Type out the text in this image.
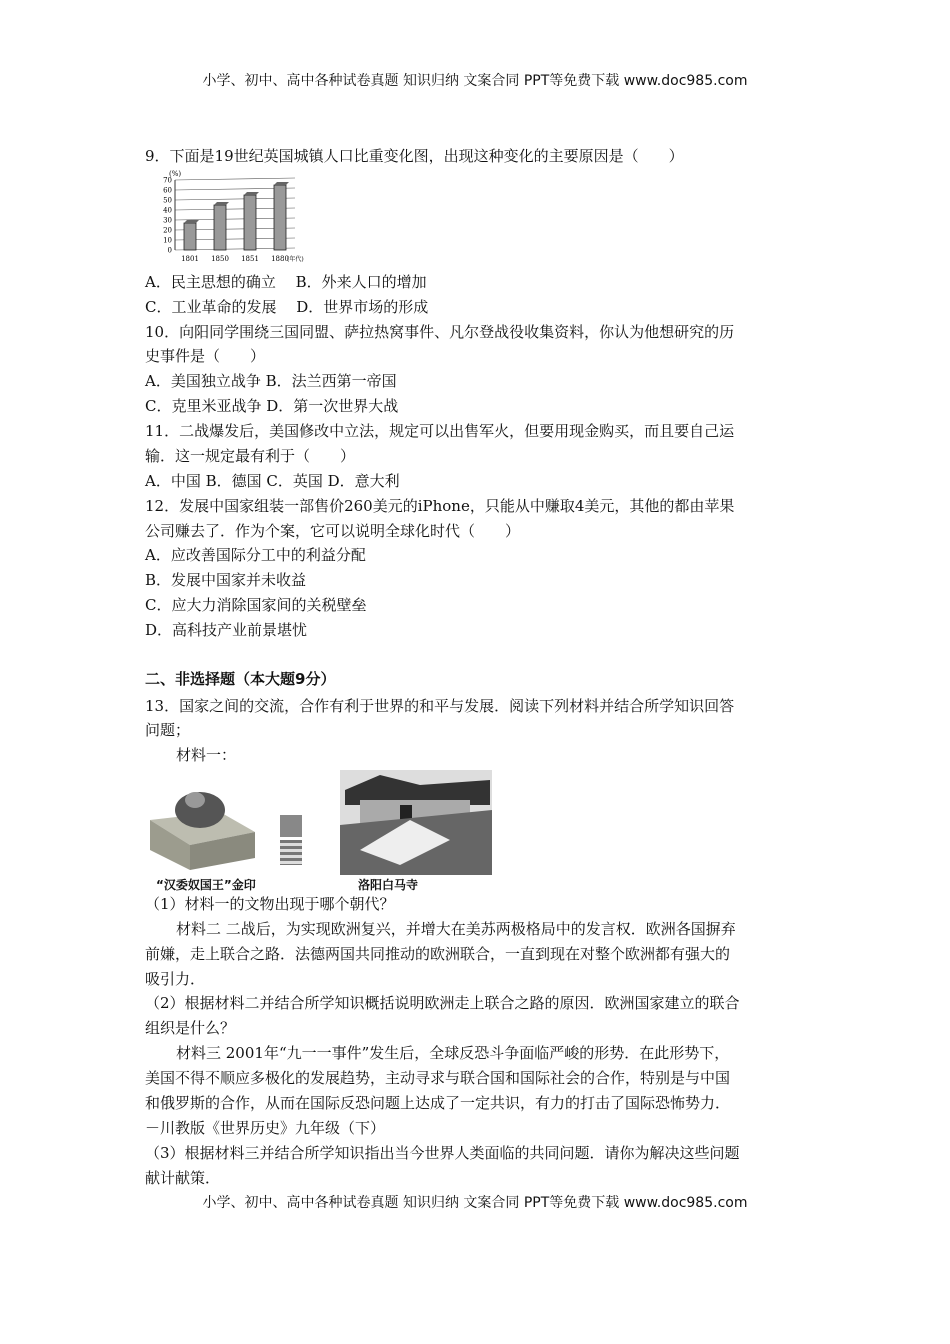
小学、初中、高中各种试卷真题 知识归纳 文案合同 PPT等免费下载 www.doc985.com
9．下面是19世纪英国城镇人口比重变化图，出现这种变化的主要原因是（　　）
A．民主思想的确立　 B．外来人口的增加
C．工业革命的发展　 D．世界市场的形成
10．向阳同学围绕三国同盟、萨拉热窝事件、凡尔登战役收集资料，你认为他想研究的历
史事件是（　　）
A．美国独立战争 B．法兰西第一帝国
C．克里米亚战争 D．第一次世界大战
11．二战爆发后，美国修改中立法，规定可以出售军火，但要用现金购买，而且要自己运
输．这一规定最有利于（　　）
A．中国 B．德国 C．英国 D．意大利
12．发展中国家组装一部售价260美元的iPhone，只能从中赚取4美元，其他的都由苹果
公司赚去了．作为个案，它可以说明全球化时代（　　）
A．应改善国际分工中的利益分配
B．发展中国家并未收益
C．应大力消除国家间的关税壁垒
D．高科技产业前景堪忧
二、非选择题（本大题9分）
13．国家之间的交流，合作有利于世界的和平与发展．阅读下列材料并结合所学知识回答
问题；
材料一：
（1）材料一的文物出现于哪个朝代？
材料二 二战后，为实现欧洲复兴，并增大在美苏两极格局中的发言权．欧洲各国摒弃
前嫌，走上联合之路．法德两国共同推动的欧洲联合，一直到现在对整个欧洲都有强大的
吸引力．
（2）根据材料二并结合所学知识概括说明欧洲走上联合之路的原因．欧洲国家建立的联合
组织是什么？
材料三 2001年“九一一事件”发生后，全球反恐斗争面临严峻的形势．在此形势下，
美国不得不顺应多极化的发展趋势，主动寻求与联合国和国际社会的合作，特别是与中国
和俄罗斯的合作，从而在国际反恐问题上达成了一定共识，有力的打击了国际恐怖势力．
－川教版《世界历史》九年级（下）
（3）根据材料三并结合所学知识指出当今世界人类面临的共同问题．请你为解决这些问题
献计献策．
(%)
0
10
20
30
40
50
60
70
1801 1850 1851 1880
(年代)
“汉委奴国王”金印	洛阳白马寺
小学、初中、高中各种试卷真题 知识归纳 文案合同 PPT等免费下载 www.doc985.com
